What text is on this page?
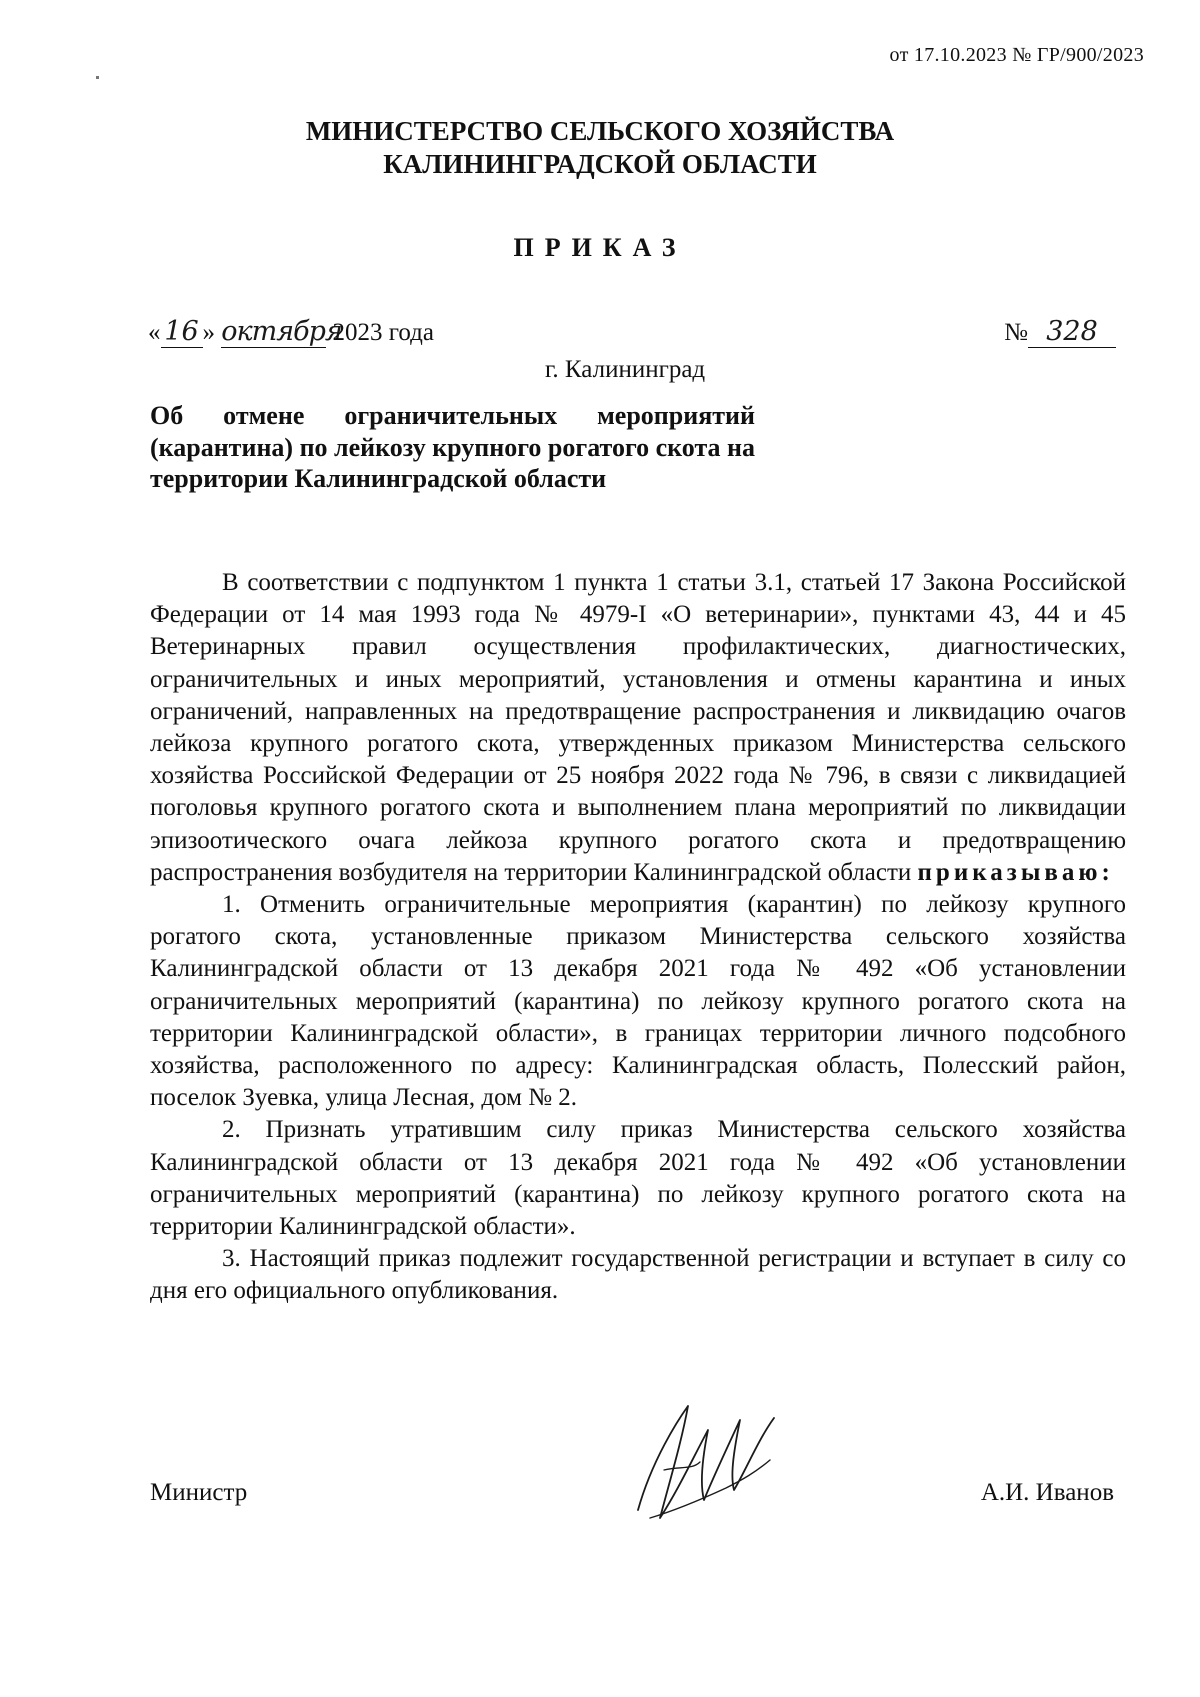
от 17.10.2023 № ГР/900/2023
МИНИСТЕРСТВО СЕЛЬСКОГО ХОЗЯЙСТВА
КАЛИНИНГРАДСКОЙ ОБЛАСТИ
ПРИКАЗ
« 16 » октября 2023 года	№ 328
г. Калининград
Об отмене ограничительных мероприятий (карантина) по лейкозу крупного рогатого скота на территории Калининградской области

В соответствии с подпунктом 1 пункта 1 статьи 3.1, статьей 17 Закона Российской Федерации от 14 мая 1993 года № 4979-I «О ветеринарии», пунктами 43, 44 и 45 Ветеринарных правил осуществления профилактических, диагностических, ограничительных и иных мероприятий, установления и отмены карантина и иных ограничений, направленных на предотвращение распространения и ликвидацию очагов лейкоза крупного рогатого скота, утвержденных приказом Министерства сельского хозяйства Российской Федерации от 25 ноября 2022 года № 796, в связи с ликвидацией поголовья крупного рогатого скота и выполнением плана мероприятий по ликвидации эпизоотического очага лейкоза крупного рогатого скота и предотвращению распространения возбудителя на территории Калининградской области приказываю:

1. Отменить ограничительные мероприятия (карантин) по лейкозу крупного рогатого скота, установленные приказом Министерства сельского хозяйства Калининградской области от 13 декабря 2021 года № 492 «Об установлении ограничительных мероприятий (карантина) по лейкозу крупного рогатого скота на территории Калининградской области», в границах территории личного подсобного хозяйства, расположенного по адресу: Калининградская область, Полесский район, поселок Зуевка, улица Лесная, дом № 2.

2. Признать утратившим силу приказ Министерства сельского хозяйства Калининградской области от 13 декабря 2021 года № 492 «Об установлении ограничительных мероприятий (карантина) по лейкозу крупного рогатого скота на территории Калининградской области».

3. Настоящий приказ подлежит государственной регистрации и вступает в силу со дня его официального опубликования.

Министр	А.И. Иванов
